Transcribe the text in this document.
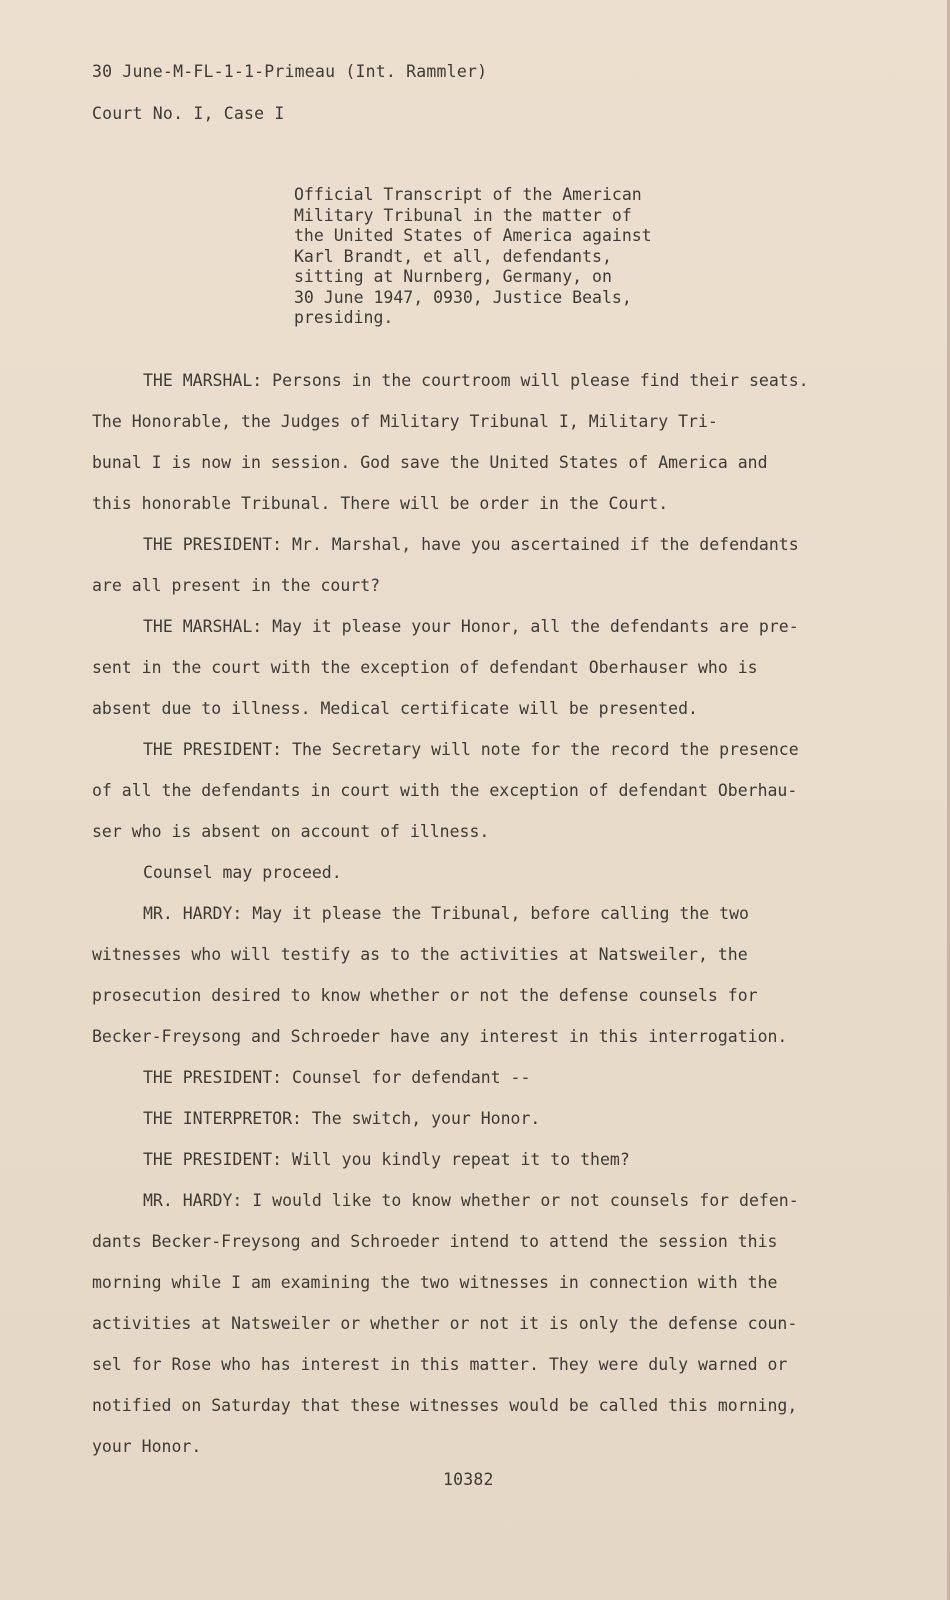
30 June-M-FL-1-1-Primeau (Int. Rammler)
Court No. I, Case I
Official Transcript of the American
Military Tribunal in the matter of
the United States of America against
Karl Brandt, et all, defendants,
sitting at Nurnberg, Germany, on
30 June 1947, 0930, Justice Beals,
presiding.
THE MARSHAL: Persons in the courtroom will please find their seats.
The Honorable, the Judges of Military Tribunal I, Military Tri-
bunal I is now in session. God save the United States of America and
this honorable Tribunal. There will be order in the Court.
THE PRESIDENT: Mr. Marshal, have you ascertained if the defendants
are all present in the court?
THE MARSHAL: May it please your Honor, all the defendants are pre-
sent in the court with the exception of defendant Oberhauser who is
absent due to illness. Medical certificate will be presented.
THE PRESIDENT: The Secretary will note for the record the presence
of all the defendants in court with the exception of defendant Oberhau-
ser who is absent on account of illness.
Counsel may proceed.
MR. HARDY: May it please the Tribunal, before calling the two
witnesses who will testify as to the activities at Natsweiler, the
prosecution desired to know whether or not the defense counsels for
Becker-Freysong and Schroeder have any interest in this interrogation.
THE PRESIDENT: Counsel for defendant --
THE INTERPRETOR: The switch, your Honor.
THE PRESIDENT: Will you kindly repeat it to them?
MR. HARDY: I would like to know whether or not counsels for defen-
dants Becker-Freysong and Schroeder intend to attend the session this
morning while I am examining the two witnesses in connection with the
activities at Natsweiler or whether or not it is only the defense coun-
sel for Rose who has interest in this matter. They were duly warned or
notified on Saturday that these witnesses would be called this morning,
your Honor.
10382
